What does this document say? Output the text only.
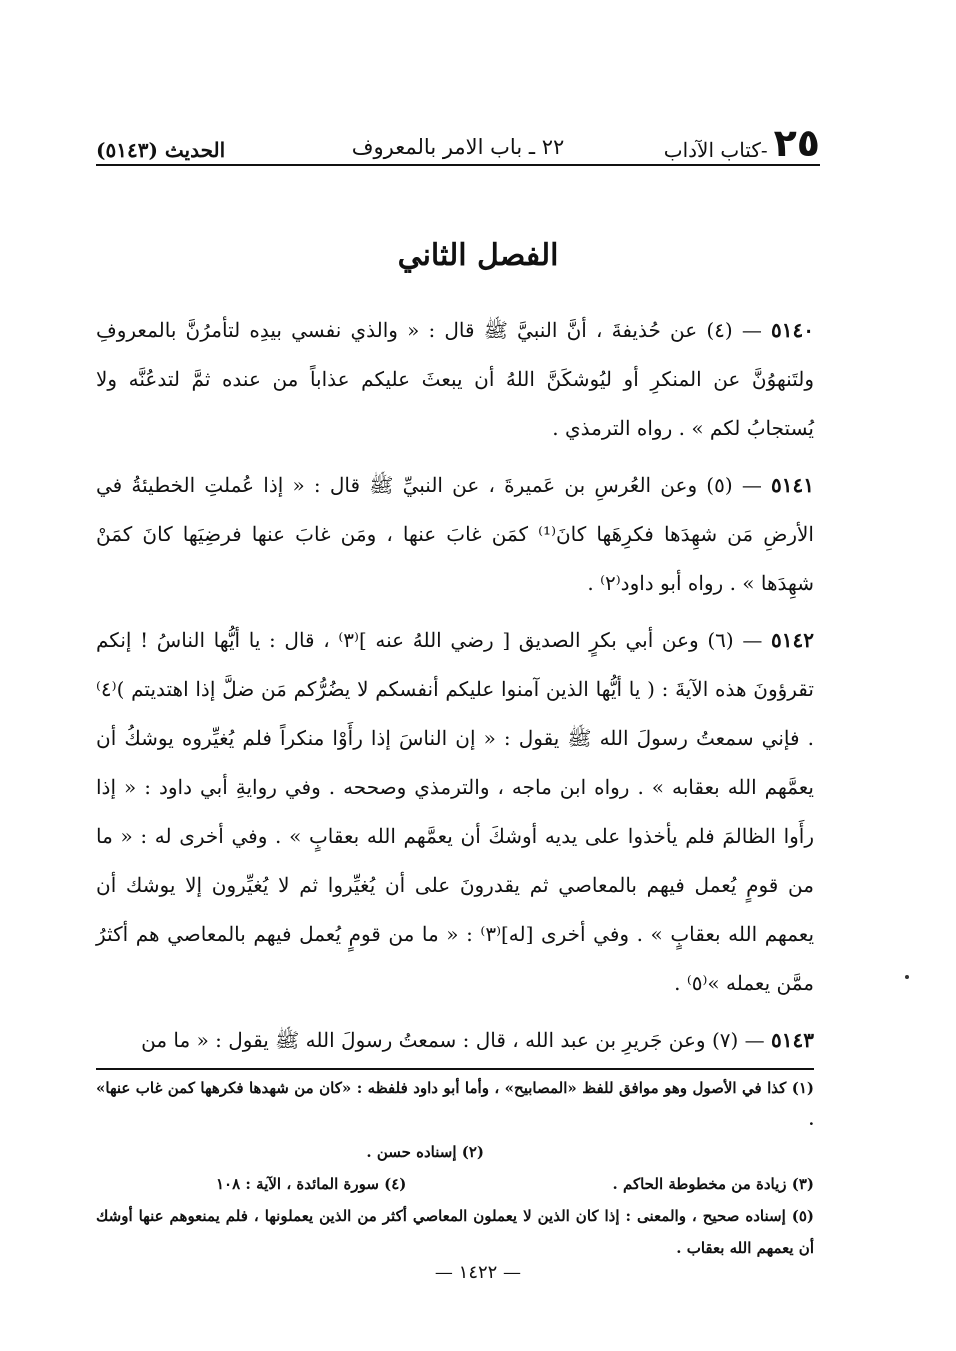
٢٥
-كتاب الآداب
٢٢ ـ باب الامر بالمعروف
الحديث (٥١٤٣)
الفصل الثاني

٥١٤٠ — (٤) عن حُذيفةَ ، أنَّ النبيَّ ﷺ قال : « والذي نفسي بيدِه لتأمرُنَّ بالمعروفِ ولتَنهوُنَّ عن المنكرِ أو ليُوشكَنَّ اللهُ أن يبعثَ عليكم عذاباً من عنده ثمَّ لتدعُنَّه ولا يُستجابُ لكم » . رواه الترمذي .

٥١٤١ — (٥) وعن العُرسِ بن عَميرةَ ، عن النبيِّ ﷺ قال : « إذا عُملتِ الخطيئةُ في الأرضِ مَن شهِدَها فكرِهَها كانَ⁽¹⁾ كمَن غابَ عنها ، ومَن غابَ عنها فرضِيَها كانَ كمَنْ شهِدَها » . رواه أبو داود⁽٢⁾ .

٥١٤٢ — (٦) وعن أبي بكرٍ الصديق [ رضي اللهُ عنه ]⁽٣⁾ ، قال : يا أيُّها الناسُ ! إنكم تقرؤونَ هذه الآيةَ : ( يا أيُّها الذين آمنوا عليكم أنفسكم لا يضُرُّكم مَن ضلَّ إذا اهتديتم )⁽٤⁾ . فإني سمعتُ رسولَ الله ﷺ يقول : « إن الناسَ إذا رأَوْا منكراً فلم يُغيِّروه يوشكُ أن يعمَّهم الله بعقابه » . رواه ابن ماجه ، والترمذي وصححه . وفي روايةِ أبي داود : « إذا رأَوا الظالمَ فلم يأخذوا على يديه أوشكَ أن يعمَّهم الله بعقابٍ » . وفي أخرى له : « ما من قومٍ يُعمل فيهم بالمعاصي ثم يقدرونَ على أن يُغيِّروا ثم لا يُغيِّرون إلا يوشك أن يعمهم الله بعقابٍ » . وفي أخرى [له]⁽٣⁾ : « ما من قومٍ يُعمل فيهم بالمعاصي هم أكثرُ ممَّن يعمله »⁽٥⁾ .

٥١٤٣ — (٧) وعن جَريرِ بن عبد الله ، قال : سمعتُ رسولَ الله ﷺ يقول : « ما من

(١) كذا في الأصول وهو موافق للفظ «المصابيح» ، وأما أبو داود فلفظه : «كان من شهدها فكرهها كمن غاب عنها» .

(٢) إسناده حسن .

(٣) زيادة من مخطوطة الحاكم .
(٤) سورة المائدة ، الآية : ١٠٨

(٥) إسناده صحيح ، والمعنى : إذا كان الذين لا يعملون المعاصي أكثر من الذين يعملونها ، فلم يمنعوهم عنها أوشك أن يعمهم الله بعقاب .

— ١٤٢٢ —
